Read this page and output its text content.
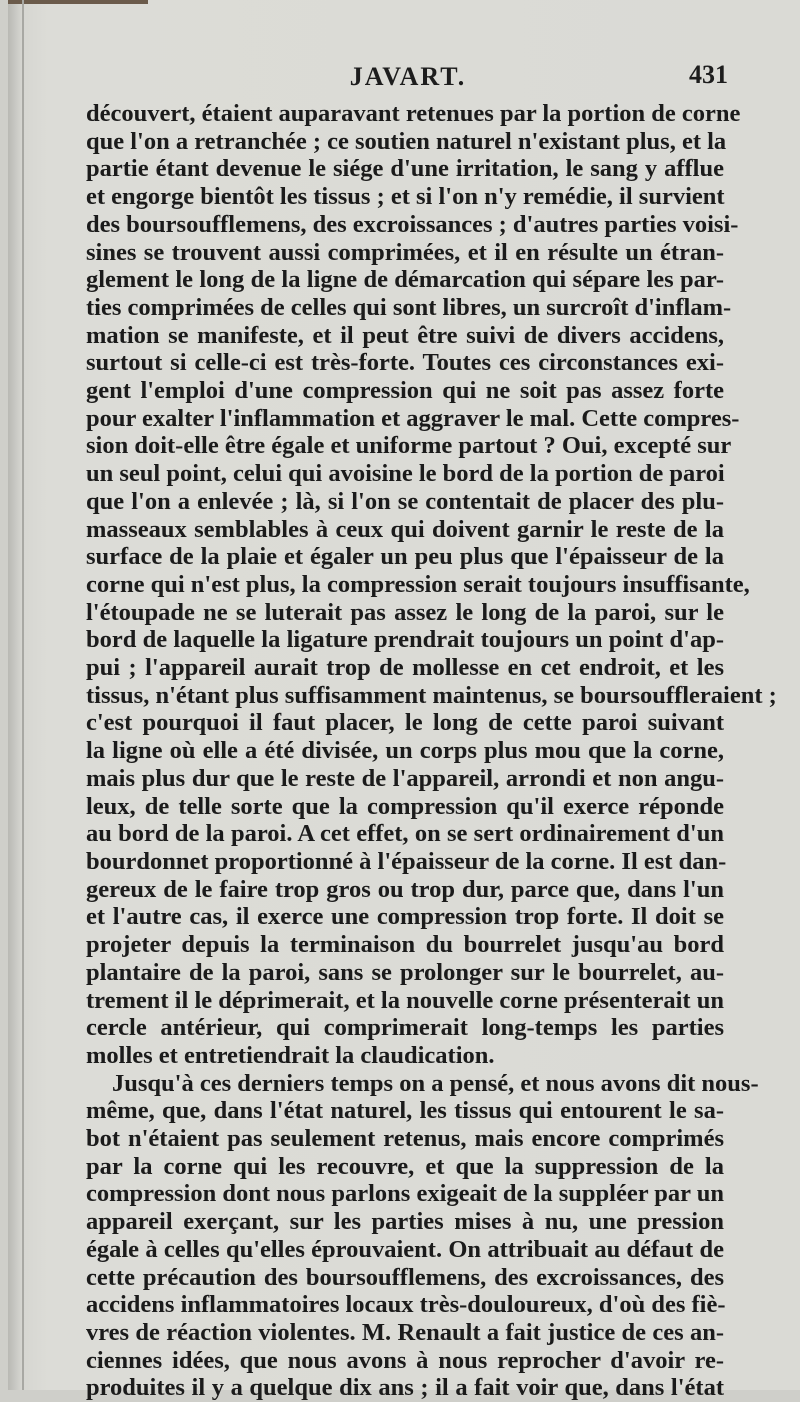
JAVART.	431
découvert, étaient auparavant retenues par la portion de corne
que l'on a retranchée ; ce soutien naturel n'existant plus, et la
partie étant devenue le siége d'une irritation, le sang y afflue
et engorge bientôt les tissus ; et si l'on n'y remédie, il survient
des boursoufflemens, des excroissances ; d'autres parties voisi-
sines se trouvent aussi comprimées, et il en résulte un étran-
glement le long de la ligne de démarcation qui sépare les par-
ties comprimées de celles qui sont libres, un surcroît d'inflam-
mation se manifeste, et il peut être suivi de divers accidens,
surtout si celle-ci est très-forte. Toutes ces circonstances exi-
gent l'emploi d'une compression qui ne soit pas assez forte
pour exalter l'inflammation et aggraver le mal. Cette compres-
sion doit-elle être égale et uniforme partout ? Oui, excepté sur
un seul point, celui qui avoisine le bord de la portion de paroi
que l'on a enlevée ; là, si l'on se contentait de placer des plu-
masseaux semblables à ceux qui doivent garnir le reste de la
surface de la plaie et égaler un peu plus que l'épaisseur de la
corne qui n'est plus, la compression serait toujours insuffisante,
l'étoupade ne se luterait pas assez le long de la paroi, sur le
bord de laquelle la ligature prendrait toujours un point d'ap-
pui ; l'appareil aurait trop de mollesse en cet endroit, et les
tissus, n'étant plus suffisamment maintenus, se boursouffleraient ;
c'est pourquoi il faut placer, le long de cette paroi suivant
la ligne où elle a été divisée, un corps plus mou que la corne,
mais plus dur que le reste de l'appareil, arrondi et non angu-
leux, de telle sorte que la compression qu'il exerce réponde
au bord de la paroi. A cet effet, on se sert ordinairement d'un
bourdonnet proportionné à l'épaisseur de la corne. Il est dan-
gereux de le faire trop gros ou trop dur, parce que, dans l'un
et l'autre cas, il exerce une compression trop forte. Il doit se
projeter depuis la terminaison du bourrelet jusqu'au bord
plantaire de la paroi, sans se prolonger sur le bourrelet, au-
trement il le déprimerait, et la nouvelle corne présenterait un
cercle antérieur, qui comprimerait long-temps les parties
molles et entretiendrait la claudication.
Jusqu'à ces derniers temps on a pensé, et nous avons dit nous-
même, que, dans l'état naturel, les tissus qui entourent le sa-
bot n'étaient pas seulement retenus, mais encore comprimés
par la corne qui les recouvre, et que la suppression de la
compression dont nous parlons exigeait de la suppléer par un
appareil exerçant, sur les parties mises à nu, une pression
égale à celles qu'elles éprouvaient. On attribuait au défaut de
cette précaution des boursoufflemens, des excroissances, des
accidens inflammatoires locaux très-douloureux, d'où des fiè-
vres de réaction violentes. M. Renault a fait justice de ces an-
ciennes idées, que nous avons à nous reprocher d'avoir re-
produites il y a quelque dix ans ; il a fait voir que, dans l'état
